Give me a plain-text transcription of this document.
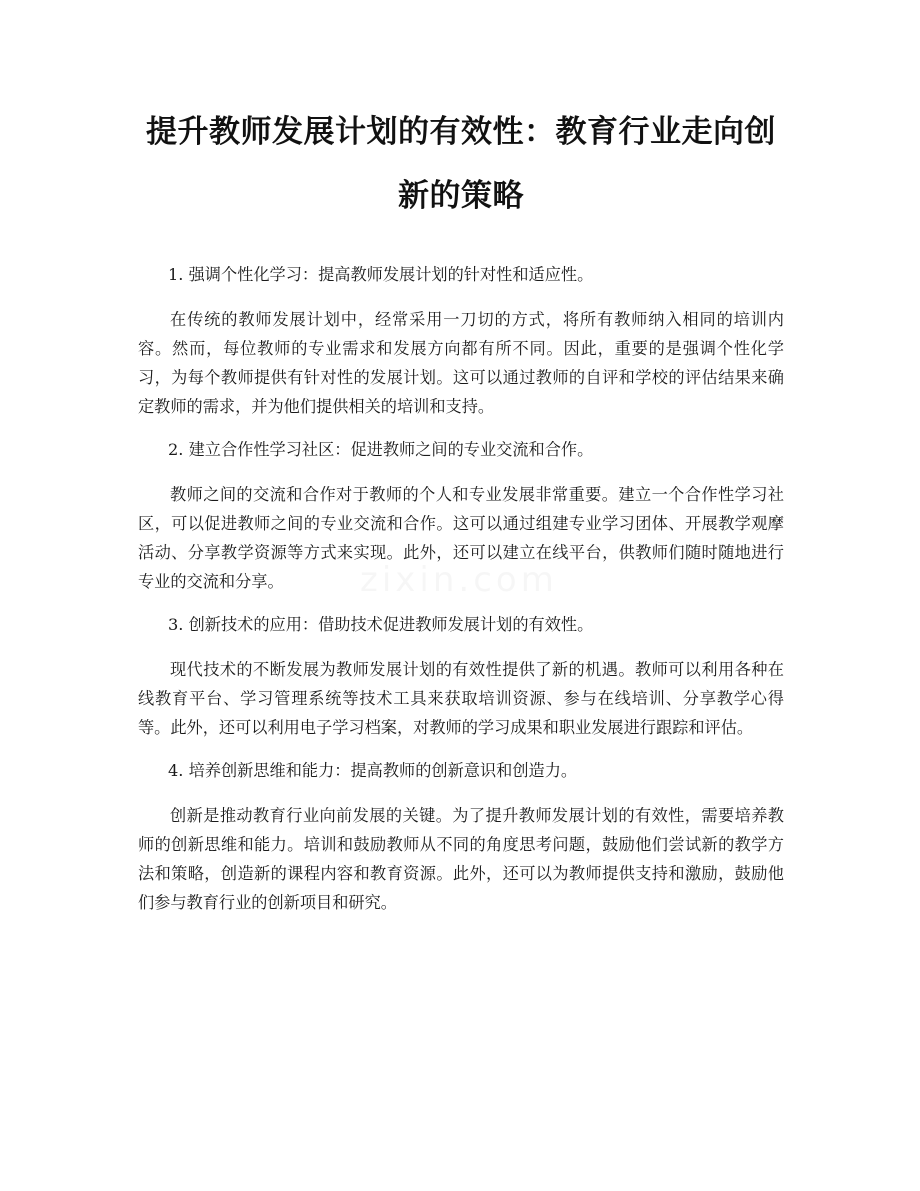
提升教师发展计划的有效性：教育行业走向创新的策略

1. 强调个性化学习：提高教师发展计划的针对性和适应性。

在传统的教师发展计划中，经常采用一刀切的方式，将所有教师纳入相同的培训内容。然而，每位教师的专业需求和发展方向都有所不同。因此，重要的是强调个性化学习，为每个教师提供有针对性的发展计划。这可以通过教师的自评和学校的评估结果来确定教师的需求，并为他们提供相关的培训和支持。

2. 建立合作性学习社区：促进教师之间的专业交流和合作。

教师之间的交流和合作对于教师的个人和专业发展非常重要。建立一个合作性学习社区，可以促进教师之间的专业交流和合作。这可以通过组建专业学习团体、开展教学观摩活动、分享教学资源等方式来实现。此外，还可以建立在线平台，供教师们随时随地进行专业的交流和分享。

3. 创新技术的应用：借助技术促进教师发展计划的有效性。

现代技术的不断发展为教师发展计划的有效性提供了新的机遇。教师可以利用各种在线教育平台、学习管理系统等技术工具来获取培训资源、参与在线培训、分享教学心得等。此外，还可以利用电子学习档案，对教师的学习成果和职业发展进行跟踪和评估。

4. 培养创新思维和能力：提高教师的创新意识和创造力。

创新是推动教育行业向前发展的关键。为了提升教师发展计划的有效性，需要培养教师的创新思维和能力。培训和鼓励教师从不同的角度思考问题，鼓励他们尝试新的教学方法和策略，创造新的课程内容和教育资源。此外，还可以为教师提供支持和激励，鼓励他们参与教育行业的创新项目和研究。
